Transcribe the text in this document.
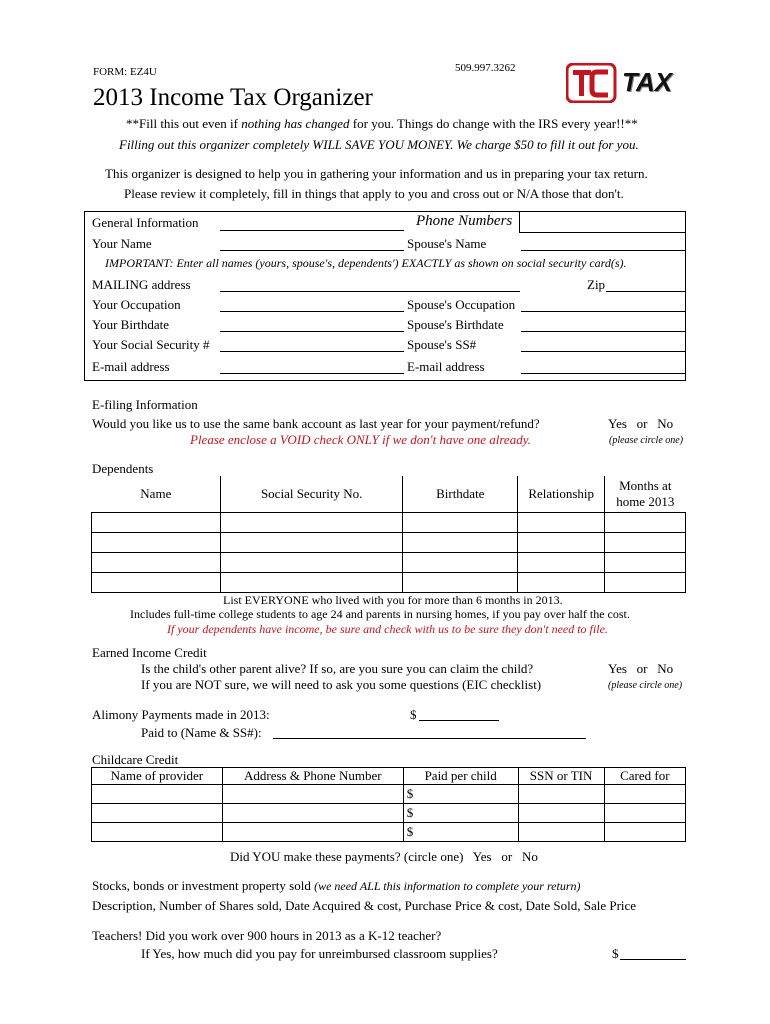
FORM: EZ4U	509.997.3262	TAX
2013 Income Tax Organizer
**Fill this out even if nothing has changed for you. Things do change with the IRS every year!!**
Filling out this organizer completely WILL SAVE YOU MONEY. We charge $50 to fill it out for you.
This organizer is designed to help you in gathering your information and us in preparing your tax return.
Please review it completely, fill in things that apply to you and cross out or N/A those that don't.
General Information	Phone Numbers
Your Name	Spouse's Name
IMPORTANT: Enter all names (yours, spouse's, dependents') EXACTLY as shown on social security card(s).
MAILING address	Zip
Your Occupation	Spouse's Occupation
Your Birthdate	Spouse's Birthdate
Your Social Security #	Spouse's SS#
E-mail address	E-mail address
E-filing Information
Would you like us to use the same bank account as last year for your payment/refund?	Yes   or   No
Please enclose a VOID check ONLY if we don't have one already.	(please circle one)
Dependents
Name	Social Security No.	Birthdate	Relationship	Months at
home 2013

List EVERYONE who lived with you for more than 6 months in 2013.
Includes full-time college students to age 24 and parents in nursing homes, if you pay over half the cost.
If your dependents have income, be sure and check with us to be sure they don't need to file.
Earned Income Credit
Is the child's other parent alive? If so, are you sure you can claim the child?	Yes   or   No
If you are NOT sure, we will need to ask you some questions (EIC checklist)	(please circle one)
Alimony Payments made in 2013:	$
Paid to (Name & SS#):
Childcare Credit
Name of provider	Address & Phone Number	Paid per child	SSN or TIN	Cared for
		$		
		$		
		$		
Did YOU make these payments? (circle one)   Yes   or   No
Stocks, bonds or investment property sold (we need ALL this information to complete your return)
Description, Number of Shares sold, Date Acquired & cost, Purchase Price & cost, Date Sold, Sale Price
Teachers! Did you work over 900 hours in 2013 as a K-12 teacher?
If Yes, how much did you pay for unreimbursed classroom supplies?	$
